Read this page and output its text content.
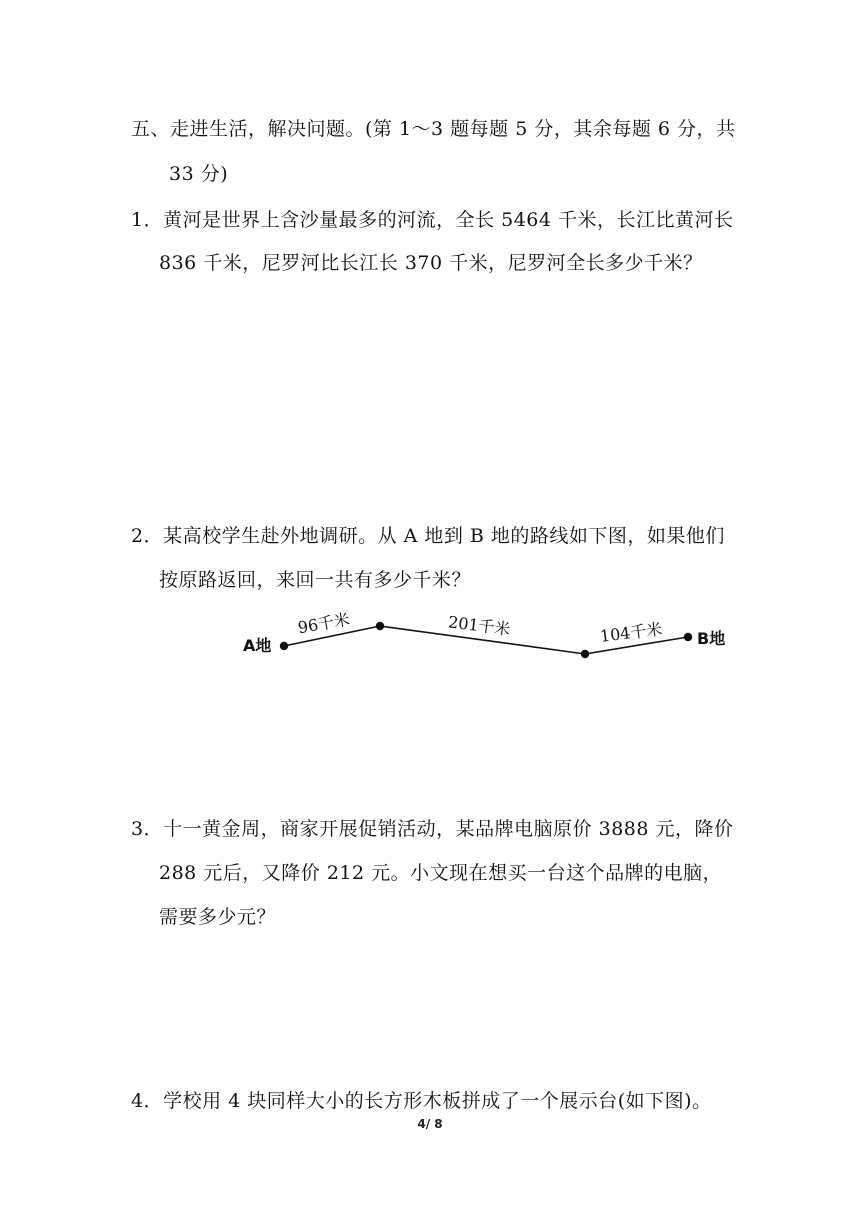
五、走进生活，解决问题。(第 1～3 题每题 5 分，其余每题 6 分，共
33 分)
1．黄河是世界上含沙量最多的河流，全长 5464 千米，长江比黄河长
836 千米，尼罗河比长江长 370 千米，尼罗河全长多少千米？
2．某高校学生赴外地调研。从 A 地到 B 地的路线如下图，如果他们
按原路返回，来回一共有多少千米？
A地	B地
96千米	201千米	104千米
3．十一黄金周，商家开展促销活动，某品牌电脑原价 3888 元，降价
288 元后，又降价 212 元。小文现在想买一台这个品牌的电脑，
需要多少元？
4．学校用 4 块同样大小的长方形木板拼成了一个展示台(如下图)。
4/ 8
